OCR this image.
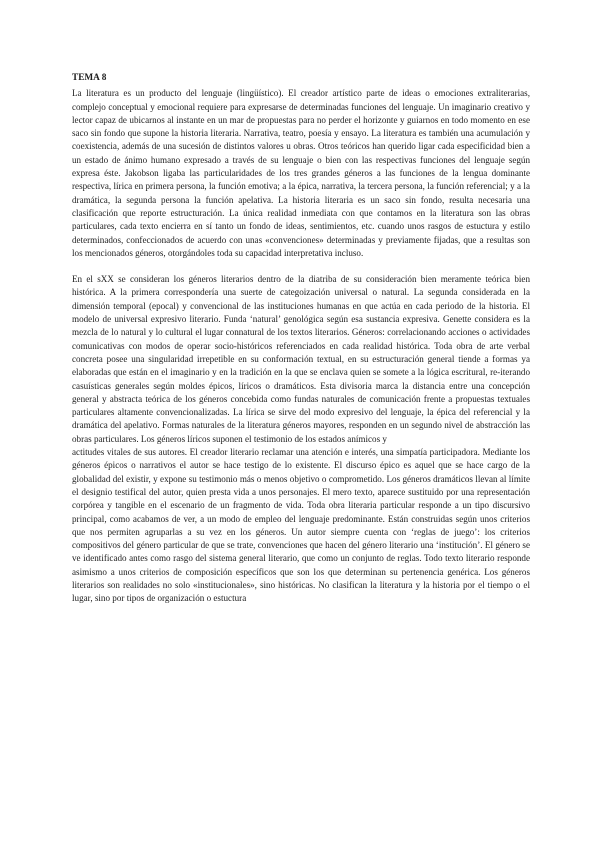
TEMA 8

La literatura es un producto del lenguaje (lingüístico). El creador artístico parte de ideas o emociones extraliterarias, complejo conceptual y emocional requiere para expresarse de determinadas funciones del lenguaje. Un imaginario creativo y lector capaz de ubicarnos al instante en un mar de propuestas para no perder el horizonte y guiarnos en todo momento en ese saco sin fondo que supone la historia literaria. Narrativa, teatro, poesía y ensayo. La literatura es también una acumulación y coexistencia, además de una sucesión de distintos valores u obras. Otros teóricos han querido ligar cada especificidad bien a un estado de ánimo humano expresado a través de su lenguaje o bien con las respectivas funciones del lenguaje según expresa éste. Jakobson ligaba las particularidades de los tres grandes géneros a las funciones de la lengua dominante respectiva, lírica en primera persona, la función emotiva; a la épica, narrativa, la tercera persona, la función referencial; y a la dramática, la segunda persona la función apelativa. La historia literaria es un saco sin fondo, resulta necesaria una clasificación que reporte estructuración. La única realidad inmediata con que contamos en la literatura son las obras particulares, cada texto encierra en sí tanto un fondo de ideas, sentimientos, etc. cuando unos rasgos de estuctura y estilo determinados, confeccionados de acuerdo con unas «convenciones» determinadas y previamente fijadas, que a resultas son los mencionados géneros, otorgándoles toda su capacidad interpretativa incluso.

En el sXX se consideran los géneros literarios dentro de la diatriba de su consideración bien meramente teórica bien histórica. A la primera correspondería una suerte de categoización universal o natural. La segunda considerada en la dimensión temporal (epocal) y convencional de las instituciones humanas en que actúa en cada periodo de la historia. El modelo de universal expresivo literario. Funda ‘natural’ genológica según esa sustancia expresiva. Genette considera es la mezcla de lo natural y lo cultural el lugar connatural de los textos literarios. Géneros: correlacionando acciones o actividades comunicativas con modos de operar socio-históricos referenciados en cada realidad histórica. Toda obra de arte verbal concreta posee una singularidad irrepetible en su conformación textual, en su estructuración general tiende a formas ya elaboradas que están en el imaginario y en la tradición en la que se enclava quien se somete a la lógica escritural, re-iterando casuísticas generales según moldes épicos, líricos o dramáticos. Esta divisoria marca la distancia entre una concepción general y abstracta teórica de los géneros concebida como fundas naturales de comunicación frente a propuestas textuales particulares altamente convencionalizadas. La lírica se sirve del modo expresivo del lenguaje, la épica del referencial y la dramática del apelativo. Formas naturales de la literatura géneros mayores, responden en un segundo nivel de abstracción las obras particulares. Los géneros líricos suponen el testimonio de los estados anímicos y

actitudes vitales de sus autores. El creador literario reclamar una atención e interés, una simpatía participadora. Mediante los géneros épicos o narrativos el autor se hace testigo de lo existente. El discurso épico es aquel que se hace cargo de la globalidad del existir, y expone su testimonio más o menos objetivo o comprometido. Los géneros dramáticos llevan al límite el designio testifical del autor, quien presta vida a unos personajes. El mero texto, aparece sustituido por una representación corpórea y tangible en el escenario de un fragmento de vida. Toda obra literaria particular responde a un tipo discursivo principal, como acabamos de ver, a un modo de empleo del lenguaje predominante. Están construidas según unos criterios que nos permiten agruparlas a su vez en los géneros. Un autor siempre cuenta con ‘reglas de juego’: los criterios compositivos del género particular de que se trate, convenciones que hacen del género literario una ‘institución’. El género se ve identificado antes como rasgo del sistema general literario, que como un conjunto de reglas. Todo texto literario responde asimismo a unos criterios de composición específicos que son los que determinan su pertenencia genérica. Los géneros literarios son realidades no solo «institucionales», sino históricas. No clasifican la literatura y la historia por el tiempo o el lugar, sino por tipos de organización o estuctura
